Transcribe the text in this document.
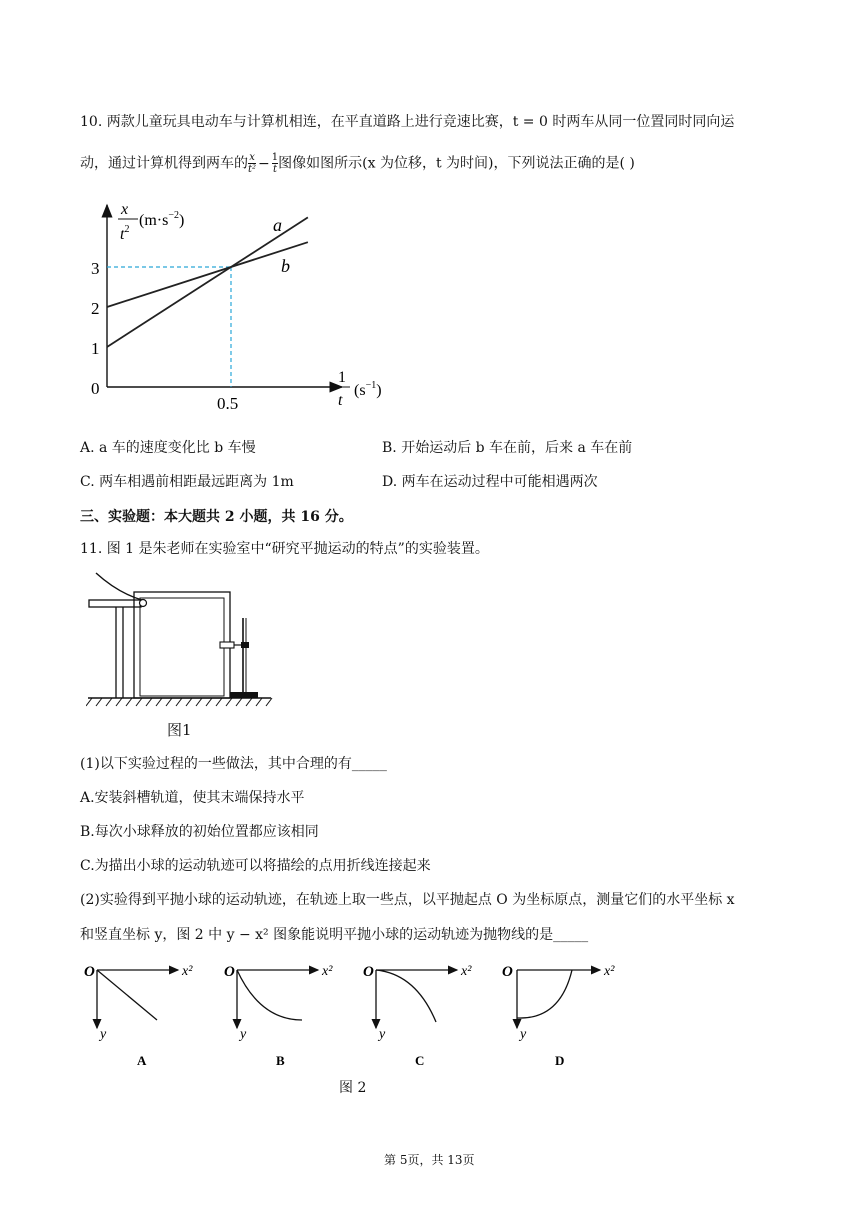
10. 两款儿童玩具电动车与计算机相连，在平直道路上进行竞速比赛，t = 0 时两车从同一位置同时同向运
动，通过计算机得到两车的 $\frac{x}{\text{t²}} - \frac{1}{t}$ 图像如图所示(x 为位移，t 为时间)，下列说法正确的是( )
0
1
2
3
0.5
a
b
x
$t^2$
$(m\cdot s^{-2})$
1
t
$(s^{-1})$
A. a 车的速度变化比 b 车慢	B. 开始运动后 b 车在前，后来 a 车在前
C. 两车相遇前相距最远距离为 1m	D. 两车在运动过程中可能相遇两次
三、实验题：本大题共 2 小题，共 16 分。
11. 图 1 是朱老师在实验室中“研究平抛运动的特点”的实验装置。
图1
(1)以下实验过程的一些做法，其中合理的有_____
A.安装斜槽轨道，使其末端保持水平
B.每次小球释放的初始位置都应该相同
C.为描出小球的运动轨迹可以将描绘的点用折线连接起来
(2)实验得到平抛小球的运动轨迹，在轨迹上取一些点，以平抛起点 O 为坐标原点，测量它们的水平坐标 x
和竖直坐标 y，图 2 中 y − x² 图象能说明平抛小球的运动轨迹为抛物线的是_____
O	x²
y
A
O	x²
y
B
O	x²
y
C
O	x²
y
D
图 2
第 5页，共 13页
